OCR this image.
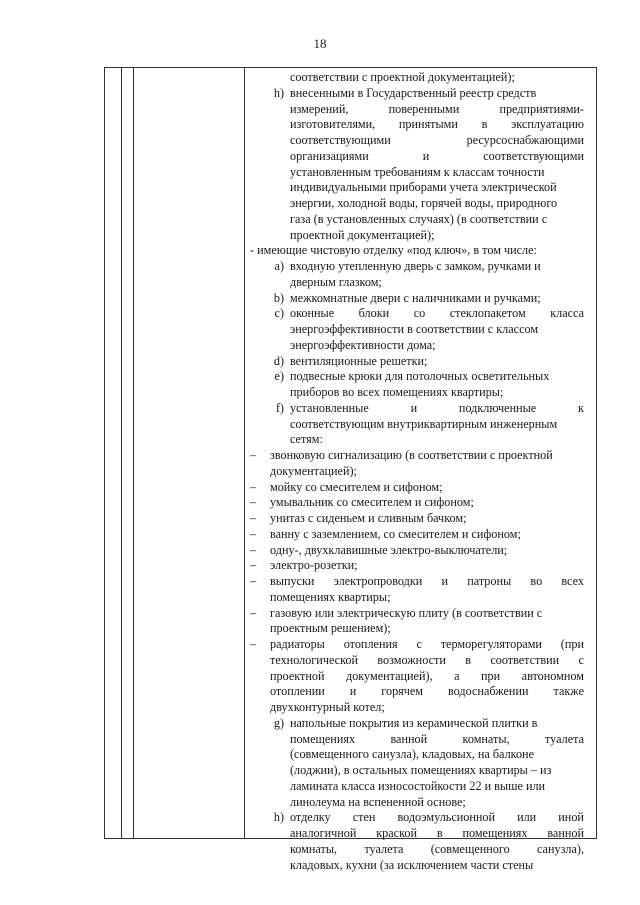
18
соответствии с проектной документацией);
h) внесенными в Государственный реестр средств
измерений,	поверенными	предприятиями-
изготовителями, принятыми в эксплуатацию
соответствующими	ресурсоснабжающими
организациями	и	соответствующими
установленным требованиям к классам точности
индивидуальными приборами учета электрической
энергии, холодной воды, горячей воды, природного
газа (в установленных случаях) (в соответствии с
проектной документацией);
- имеющие чистовую отделку «под ключ», в том числе:
a) входную утепленную дверь с замком, ручками и
дверным глазком;
b) межкомнатные двери с наличниками и ручками;
c) оконные блоки со стеклопакетом класса
энергоэффективности в соответствии с классом
энергоэффективности дома;
d) вентиляционные решетки;
e) подвесные крюки для потолочных осветительных
приборов во всех помещениях квартиры;
f) установленные	и	подключенные	к
соответствующим внутриквартирным инженерным
сетям:
–	звонковую сигнализацию (в соответствии с проектной
документацией);
–	мойку со смесителем и сифоном;
–	умывальник со смесителем и сифоном;
–	унитаз с сиденьем и сливным бачком;
–	ванну с заземлением, со смесителем и сифоном;
–	одну-, двухклавишные электро-выключатели;
–	электро-розетки;
–	выпуски электропроводки и патроны во всех
помещениях квартиры;
–	газовую или электрическую плиту (в соответствии с
проектным решением);
–	радиаторы отопления с терморегуляторами (при
технологической возможности в соответствии с
проектной документацией), а при автономном
отоплении и горячем водоснабжении также
двухконтурный котел;
g) напольные покрытия из керамической плитки в
помещениях	ванной	комнаты,	туалета
(совмещенного санузла), кладовых, на балконе
(лоджии), в остальных помещениях квартиры – из
ламината класса износостойкости 22 и выше или
линолеума на вспененной основе;
h) отделку стен водоэмульсионной или иной
аналогичной краской в помещениях ванной
комнаты, туалета (совмещенного санузла),
кладовых, кухни (за исключением части стены
